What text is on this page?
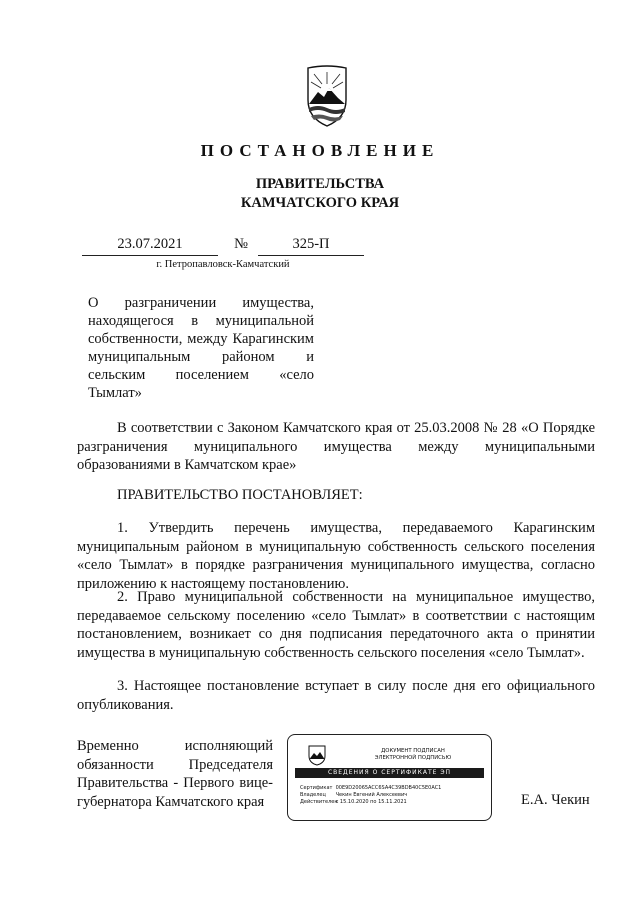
ПОСТАНОВЛЕНИЕ
ПРАВИТЕЛЬСТВА
КАМЧАТСКОГО КРАЯ
23.07.2021	№	325-П
г. Петропавловск-Камчатский
О разграничении имущества, находящегося в муниципальной собственности, между Карагинским муниципальным районом и сельским поселением «село Тымлат»
В соответствии с Законом Камчатского края от 25.03.2008 № 28 «О Порядке разграничения муниципального имущества между муниципальными образованиями в Камчатском крае»
ПРАВИТЕЛЬСТВО ПОСТАНОВЛЯЕТ:
1. Утвердить перечень имущества, передаваемого Карагинским муниципальным районом в муниципальную собственность сельского поселения «село Тымлат» в порядке разграничения муниципального имущества, согласно приложению к настоящему постановлению.
2. Право муниципальной собственности на муниципальное имущество, передаваемое сельскому поселению «село Тымлат» в соответствии с настоящим постановлением, возникает со дня подписания передаточного акта о принятии имущества в муниципальную собственность сельского поселения «село Тымлат».
3. Настоящее постановление вступает в силу после дня его официального опубликования.
Временно исполняющий
обязанности Председателя
Правительства - Первого вице-
губернатора Камчатского края
ДОКУМЕНТ ПОДПИСАН
ЭЛЕКТРОННОЙ ПОДПИСЬЮ
СВЕДЕНИЯ О СЕРТИФИКАТЕ ЭП
Сертификат 00E9D20065ACC6SA4C39BDB40C5E0AC1
Владелец Чекин Евгений Алексеевич
Действителен с 15.10.2020 по 15.11.2021	Е.А. Чекин
